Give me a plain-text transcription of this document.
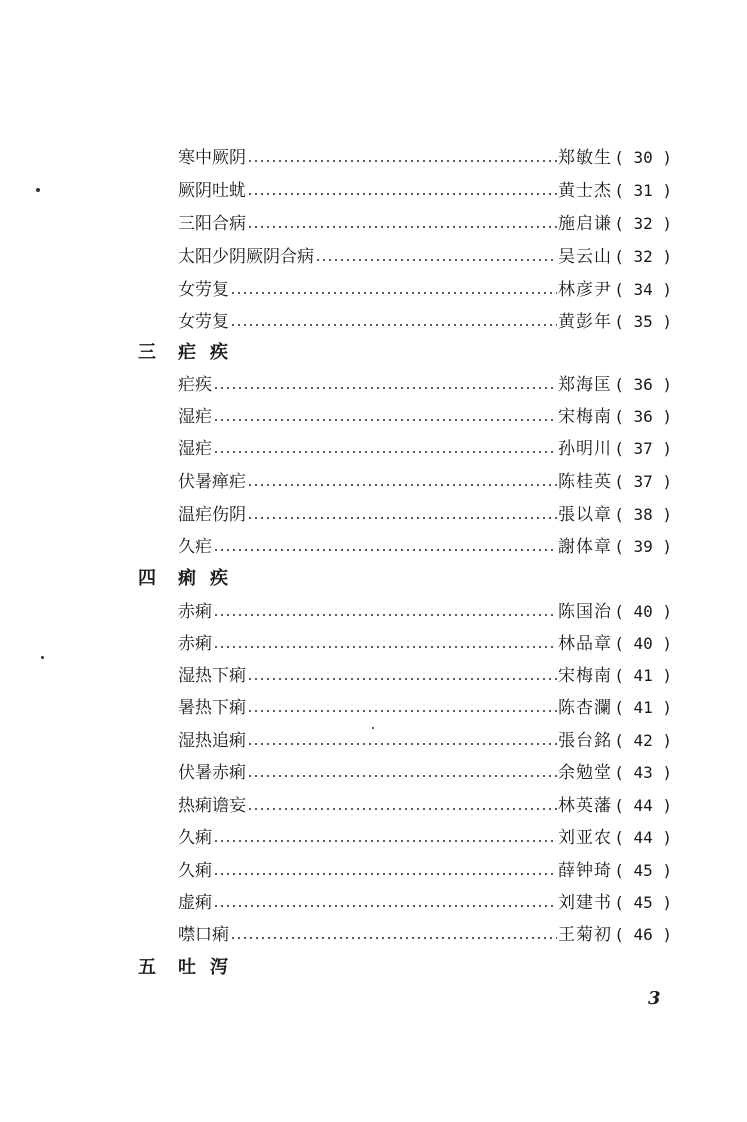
寒中厥阴	郑敏生 ( 30 )
厥阴吐蚘	黄士杰 ( 31 )
三阳合病	施启谦 ( 32 )
太阳少阴厥阴合病	吴云山 ( 32 )
女劳复	林彦尹 ( 34 )
女劳复	黄彭年 ( 35 )
三	疟疾
疟疾	郑海匡 ( 36 )
湿疟	宋梅南 ( 36 )
湿疟	孙明川 ( 37 )
伏暑瘅疟	陈桂英 ( 37 )
温疟伤阴	張以章 ( 38 )
久疟	謝体章 ( 39 )
四	痢疾
赤痢	陈国治 ( 40 )
赤痢	林品章 ( 40 )
湿热下痢	宋梅南 ( 41 )
暑热下痢	陈杏瀾 ( 41 )
湿热追痢	張台銘 ( 42 )
伏暑赤痢	余勉堂 ( 43 )
热痢谵妄	林英藩 ( 44 )
久痢	刘亚农 ( 44 )
久痢	薛钟琦 ( 45 )
虚痢	刘建书 ( 45 )
噤口痢	王菊初 ( 46 )
五	吐泻
3
